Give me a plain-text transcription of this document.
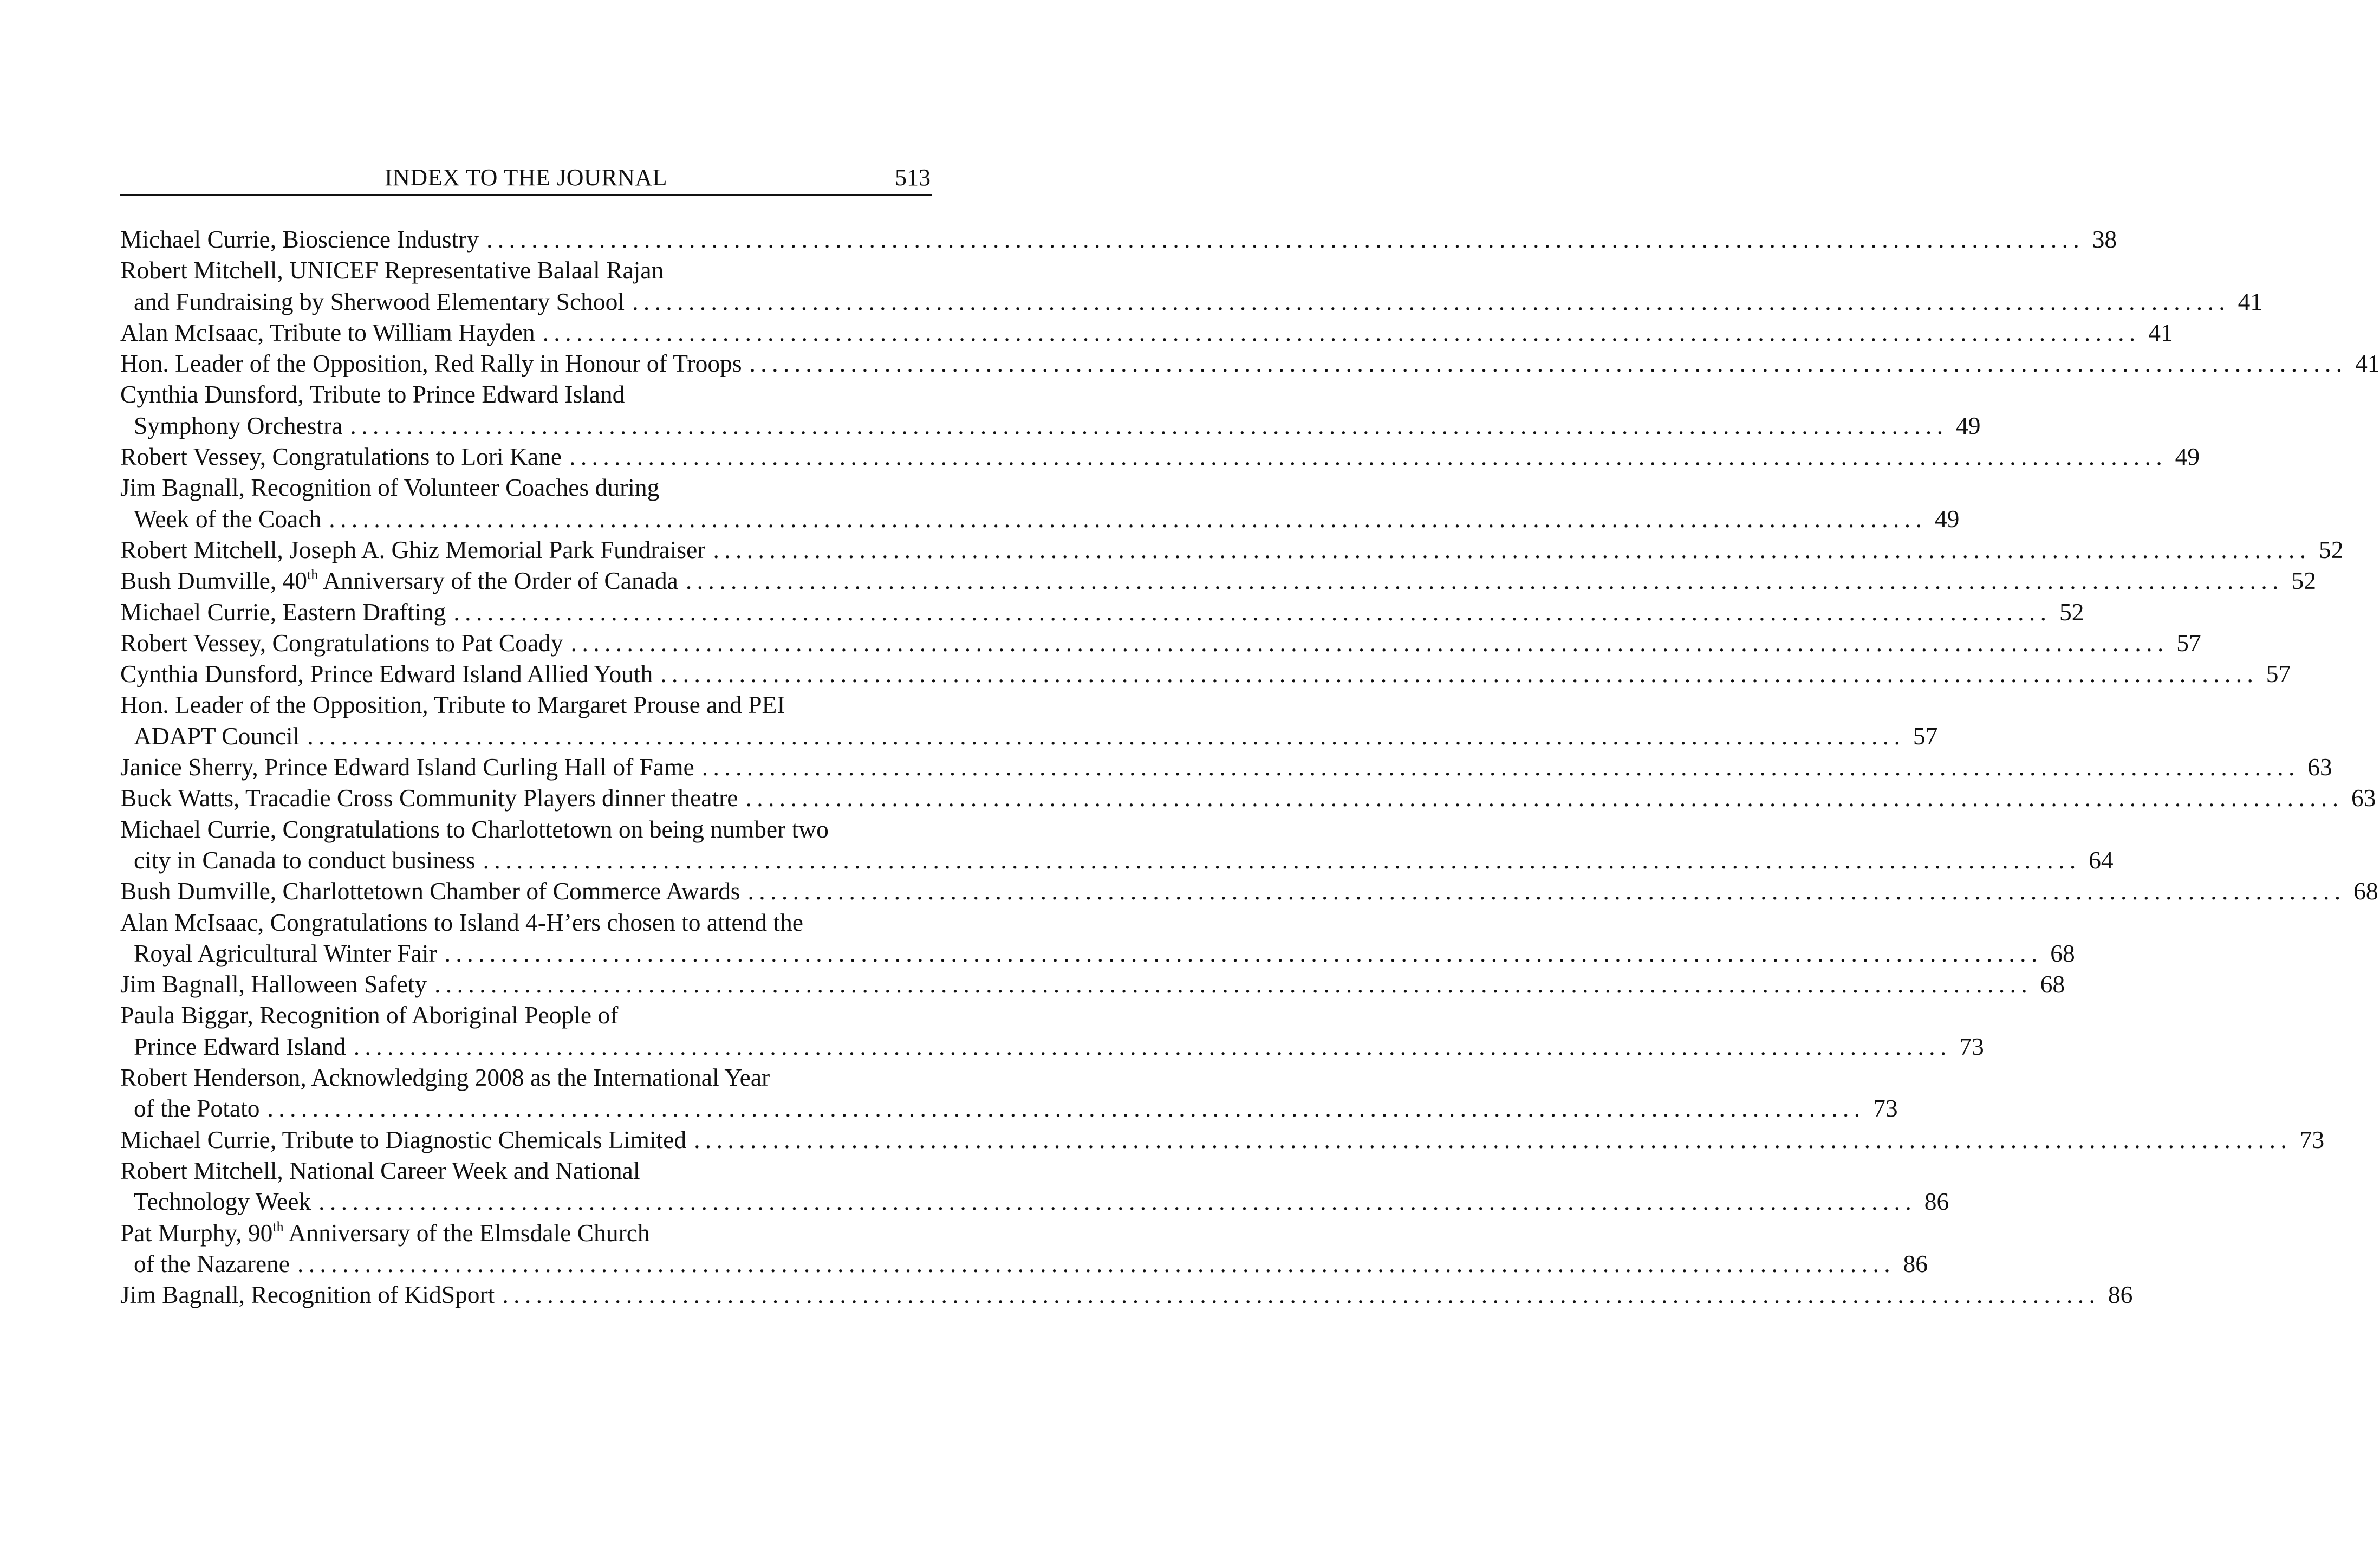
INDEX TO THE JOURNAL	513
Michael Currie, Bioscience Industry .............................................................................................................................................. 38
Robert Mitchell, UNICEF Representative Balaal Rajan
and Fundraising by Sherwood Elementary School .............................................................................................................................................. 41
Alan McIsaac, Tribute to William Hayden .............................................................................................................................................. 41
Hon. Leader of the Opposition, Red Rally in Honour of Troops .............................................................................................................................................. 41
Cynthia Dunsford, Tribute to Prince Edward Island
Symphony Orchestra .............................................................................................................................................. 49
Robert Vessey, Congratulations to Lori Kane .............................................................................................................................................. 49
Jim Bagnall, Recognition of Volunteer Coaches during
Week of the Coach .............................................................................................................................................. 49
Robert Mitchell, Joseph A. Ghiz Memorial Park Fundraiser .............................................................................................................................................. 52
Bush Dumville, 40th Anniversary of the Order of Canada .............................................................................................................................................. 52
Michael Currie, Eastern Drafting .............................................................................................................................................. 52
Robert Vessey, Congratulations to Pat Coady .............................................................................................................................................. 57
Cynthia Dunsford, Prince Edward Island Allied Youth .............................................................................................................................................. 57
Hon. Leader of the Opposition, Tribute to Margaret Prouse and PEI
ADAPT Council .............................................................................................................................................. 57
Janice Sherry, Prince Edward Island Curling Hall of Fame .............................................................................................................................................. 63
Buck Watts, Tracadie Cross Community Players dinner theatre .............................................................................................................................................. 63
Michael Currie, Congratulations to Charlottetown on being number two
city in Canada to conduct business .............................................................................................................................................. 64
Bush Dumville, Charlottetown Chamber of Commerce Awards .............................................................................................................................................. 68
Alan McIsaac, Congratulations to Island 4-H’ers chosen to attend the
Royal Agricultural Winter Fair .............................................................................................................................................. 68
Jim Bagnall, Halloween Safety .............................................................................................................................................. 68
Paula Biggar, Recognition of Aboriginal People of
Prince Edward Island .............................................................................................................................................. 73
Robert Henderson, Acknowledging 2008 as the International Year
of the Potato .............................................................................................................................................. 73
Michael Currie, Tribute to Diagnostic Chemicals Limited .............................................................................................................................................. 73
Robert Mitchell, National Career Week and National
Technology Week .............................................................................................................................................. 86
Pat Murphy, 90th Anniversary of the Elmsdale Church
of the Nazarene .............................................................................................................................................. 86
Jim Bagnall, Recognition of KidSport .............................................................................................................................................. 86
